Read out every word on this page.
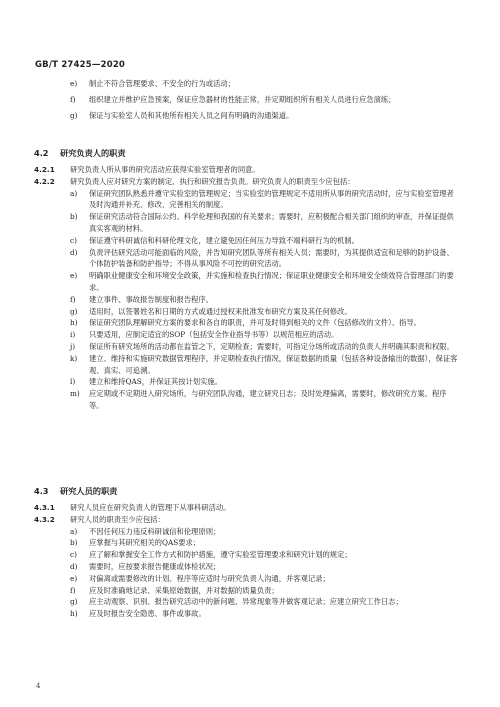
GB/T 27425—2020
e) 制止不符合管理要求、不安全的行为或活动；
f) 组织建立并维护应急预案，保证应急器材的性能正常，并定期组织所有相关人员进行应急演练；
g) 保证与实验室人员和其他所有相关人员之间有明确的沟通渠道。
4.2 研究负责人的职责
4.2.1 研究负责人所从事的研究活动应获得实验室管理者的同意。
4.2.2 研究负责人应对研究方案的制定、执行和研究报告负责。研究负责人的职责至少应包括：
a) 保证研究团队熟悉并遵守实验室的管理规定；当实验室的管理规定不适用所从事的研究活动时，应与实验室管理者及时沟通并补充、修改、完善相关的制度。
b) 保证研究活动符合国际公约、科学伦理和我国的有关要求；需要时，应积极配合相关部门组织的审查，并保证提供真实客观的材料。
c) 保证遵守科研诚信和科研伦理文化，建立避免因任何压力导致不端科研行为的机制。
d) 负责评估研究活动可能面临的风险，并告知研究团队等所有相关人员；需要时，为其提供适宜和足够的防护设备、个体防护装备和防护指导；不得从事风险不可控的研究活动。
e) 明确职业健康安全和环境安全政策，并实施和检查执行情况；保证职业健康安全和环境安全绩效符合管理部门的要求。
f) 建立事件、事故报告制度和报告程序。
g) 适用时，以签署姓名和日期的方式或通过授权来批准发布研究方案及其任何修改。
h) 保证研究团队理解研究方案的要求和各自的职责，并可及时得到相关的文件（包括修改的文件）、指导。
i) 只要适用，应制定适宜的SOP（包括安全作业指导书等）以规范相应的活动。
j) 保证所有研究场所的活动都在监管之下，定期检查；需要时，可指定分场所或活动的负责人并明确其职责和权限。
k) 建立、维持和实施研究数据管理程序，并定期检查执行情况，保证数据的质量（包括各种设备输出的数据），保证客观、真实、可追溯。
l) 建立和维持QAS，并保证其按计划实施。
m) 应定期或不定期进入研究场所，与研究团队沟通，建立研究日志；及时处理偏离，需要时，修改研究方案、程序等。
4.3 研究人员的职责
4.3.1 研究人员应在研究负责人的管理下从事科研活动。
4.3.2 研究人员的职责至少应包括：
a) 不因任何压力违反科研诚信和伦理原则；
b) 应掌握与其研究相关的QAS要求；
c) 应了解和掌握安全工作方式和防护措施，遵守实验室管理要求和研究计划的规定；
d) 需要时，应按要求报告健康或体检状况；
e) 对偏离或需要修改的计划、程序等应适时与研究负责人沟通，并客观记录；
f) 应及时准确地记录、采集原始数据，并对数据的质量负责；
g) 应主动观察、识别、报告研究活动中的新问题、异常现象等并做客观记录；应建立研究工作日志；
h) 应及时报告安全隐患、事件或事故。
4
